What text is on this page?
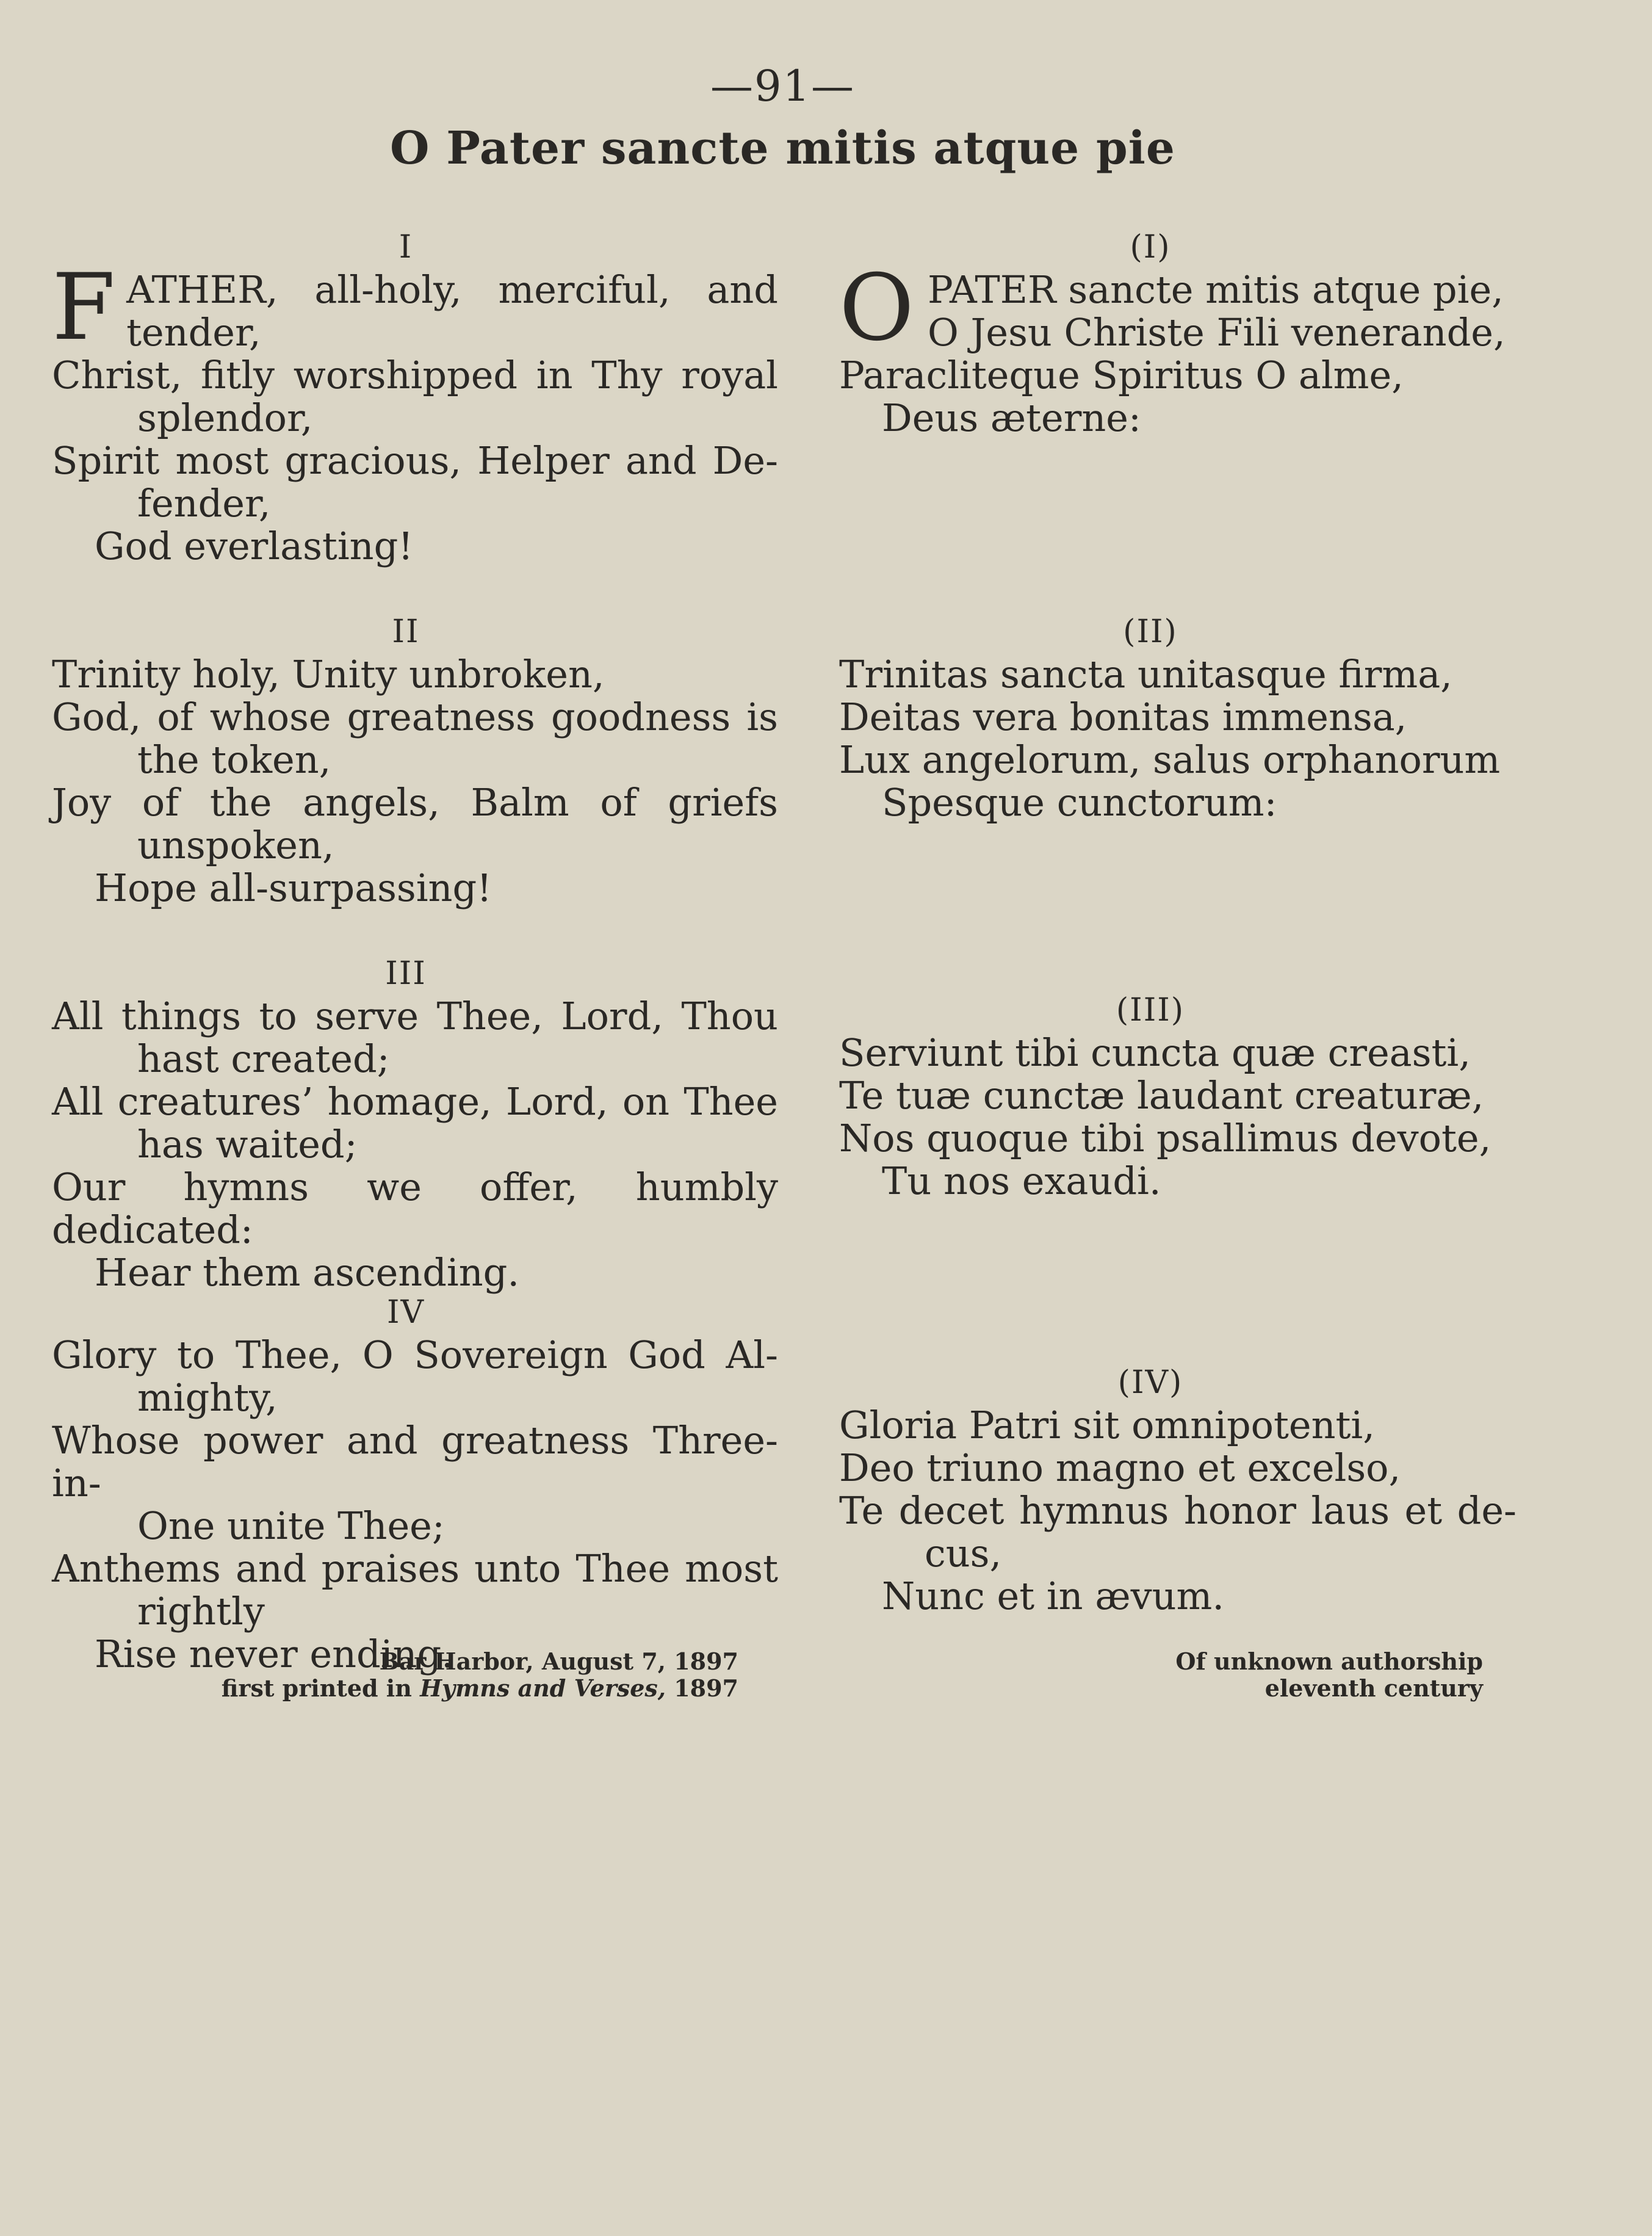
—91—
O Pater sancte mitis atque pie
I
F ATHER, all-holy, merciful, and
tender,
Christ, fitly worshipped in Thy royal
splendor,
Spirit most gracious, Helper and De-
fender,
God everlasting!
II
Trinity holy, Unity unbroken,
God, of whose greatness goodness is
the token,
Joy of the angels, Balm of griefs
unspoken,
Hope all-surpassing!
III
All things to serve Thee, Lord, Thou
hast created;
All creatures’ homage, Lord, on Thee
has waited;
Our hymns we offer, humbly dedicated:
Hear them ascending.
IV
Glory to Thee, O Sovereign God Al-
mighty,
Whose power and greatness Three-in-
One unite Thee;
Anthems and praises unto Thee most
rightly
Rise never ending.
Bar Harbor, August 7, 1897
first printed in Hymns and Verses, 1897
(I)
O PATER sancte mitis atque pie,
O Jesu Christe Fili venerande,
Paracliteque Spiritus O alme,
Deus æterne:
(II)
Trinitas sancta unitasque firma,
Deitas vera bonitas immensa,
Lux angelorum, salus orphanorum
Spesque cunctorum:
(III)
Serviunt tibi cuncta quæ creasti,
Te tuæ cunctæ laudant creaturæ,
Nos quoque tibi psallimus devote,
Tu nos exaudi.
(IV)
Gloria Patri sit omnipotenti,
Deo triuno magno et excelso,
Te decet hymnus honor laus et de-
cus,
Nunc et in ævum.
Of unknown authorship
eleventh century
